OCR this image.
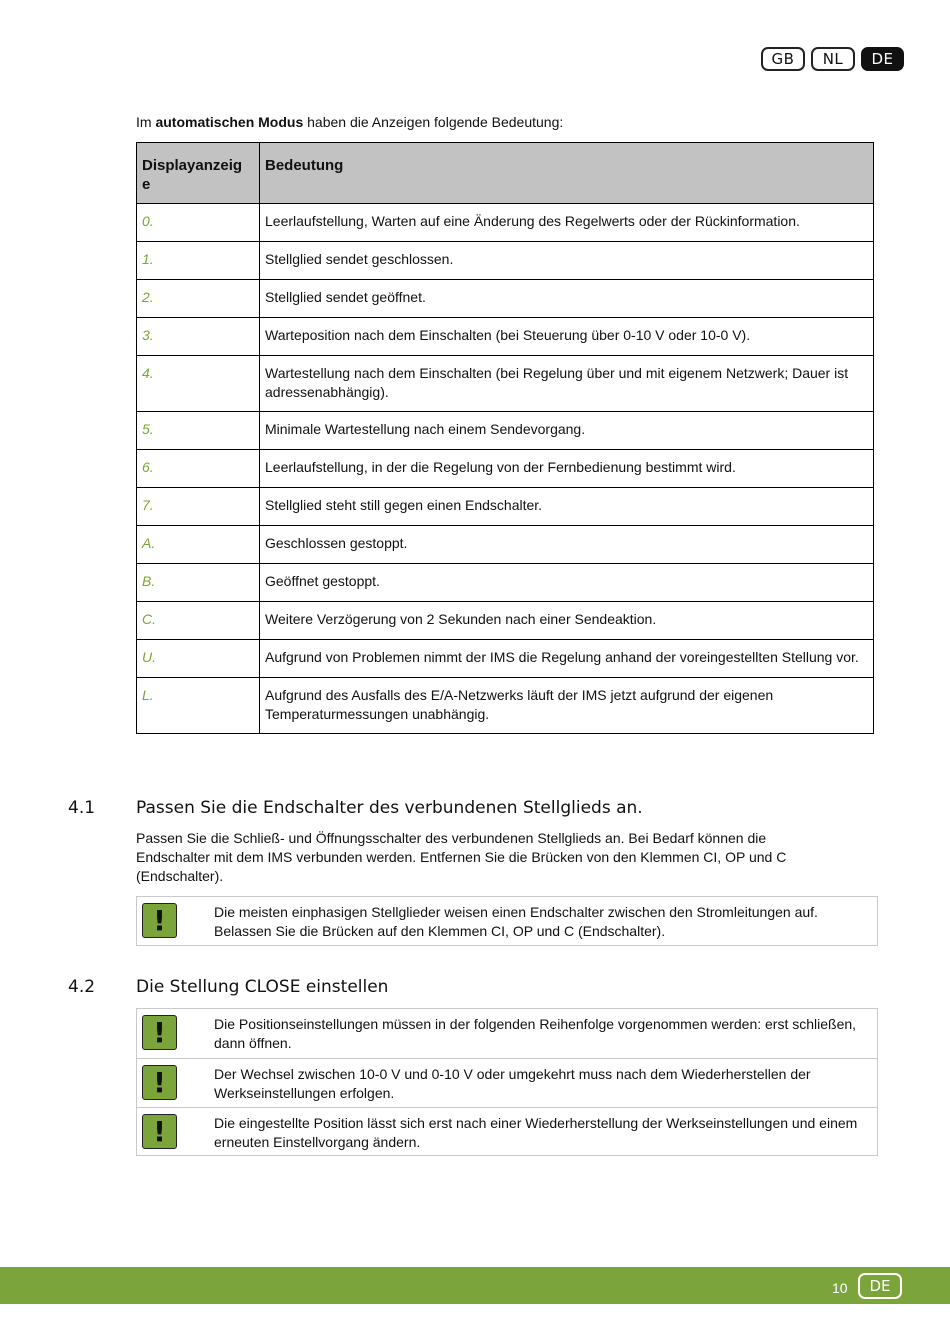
GB	NL	DE
Im automatischen Modus haben die Anzeigen folgende Bedeutung:
Displayanzeig e	Bedeutung
0.	Leerlaufstellung, Warten auf eine Änderung des Regelwerts oder der Rückinformation.
1.	Stellglied sendet geschlossen.
2.	Stellglied sendet geöffnet.
3.	Warteposition nach dem Einschalten (bei Steuerung über 0-10 V oder 10-0 V).
4.	Wartestellung nach dem Einschalten (bei Regelung über und mit eigenem Netzwerk; Dauer ist adressenabhängig).
5.	Minimale Wartestellung nach einem Sendevorgang.
6.	Leerlaufstellung, in der die Regelung von der Fernbedienung bestimmt wird.
7.	Stellglied steht still gegen einen Endschalter.
A.	Geschlossen gestoppt.
B.	Geöffnet gestoppt.
C.	Weitere Verzögerung von 2 Sekunden nach einer Sendeaktion.
U.	Aufgrund von Problemen nimmt der IMS die Regelung anhand der voreingestellten Stellung vor.
L.	Aufgrund des Ausfalls des E/A-Netzwerks läuft der IMS jetzt aufgrund der eigenen Temperaturmessungen unabhängig.
4.1 Passen Sie die Endschalter des verbundenen Stellglieds an.
Passen Sie die Schließ- und Öffnungsschalter des verbundenen Stellglieds an. Bei Bedarf können die Endschalter mit dem IMS verbunden werden. Entfernen Sie die Brücken von den Klemmen CI, OP und C (Endschalter).
!	Die meisten einphasigen Stellglieder weisen einen Endschalter zwischen den Stromleitungen auf. Belassen Sie die Brücken auf den Klemmen CI, OP und C (Endschalter).
4.2 Die Stellung CLOSE einstellen
!	Die Positionseinstellungen müssen in der folgenden Reihenfolge vorgenommen werden: erst schließen, dann öffnen.
!	Der Wechsel zwischen 10-0 V und 0-10 V oder umgekehrt muss nach dem Wiederherstellen der Werkseinstellungen erfolgen.
!	Die eingestellte Position lässt sich erst nach einer Wiederherstellung der Werkseinstellungen und einem erneuten Einstellvorgang ändern.
10	DE
